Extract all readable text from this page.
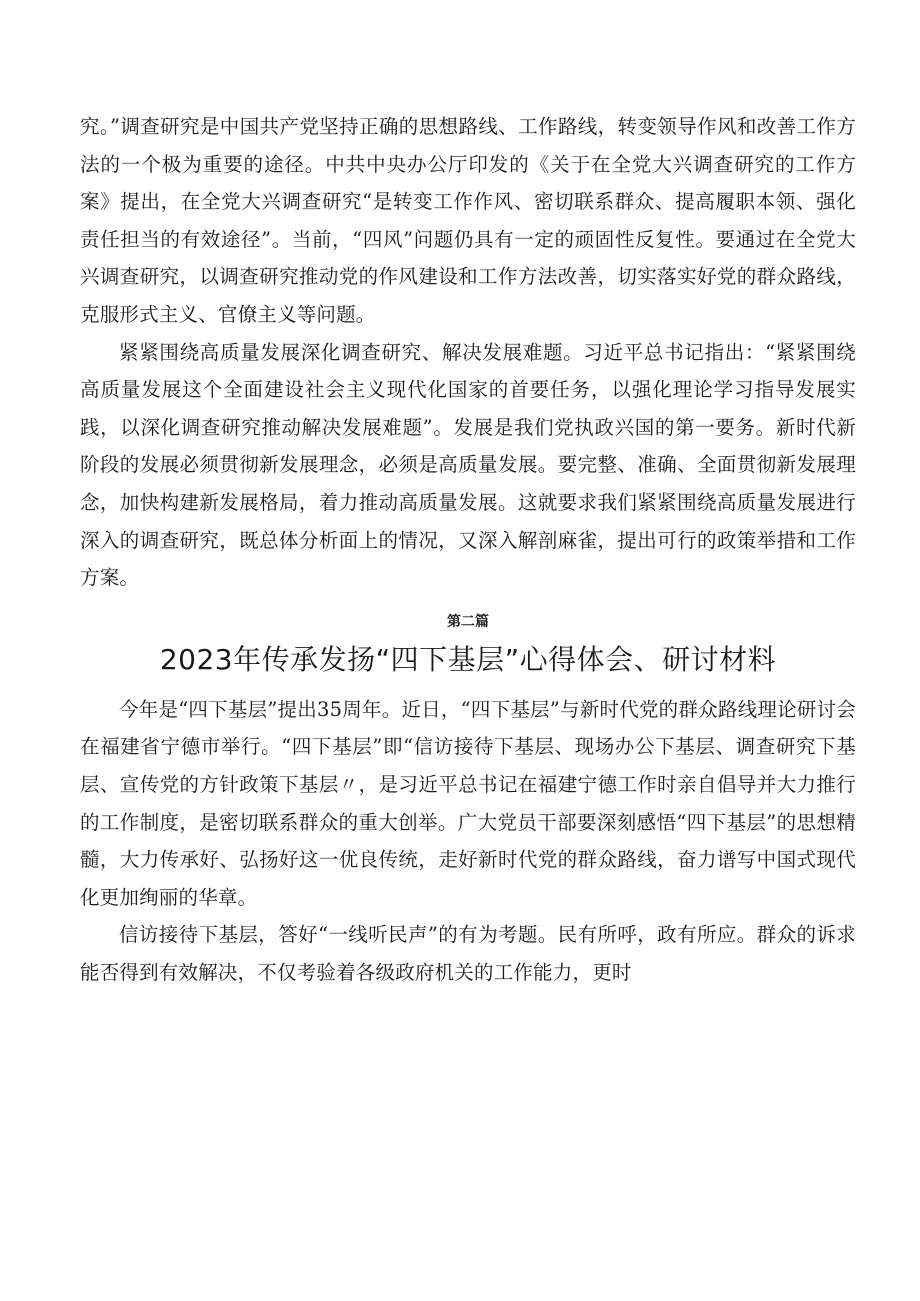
究。”调查研究是中国共产党坚持正确的思想路线、工作路线，转变领导作风和改善工作方法的一个极为重要的途径。中共中央办公厅印发的《关于在全党大兴调查研究的工作方案》提出，在全党大兴调查研究“是转变工作作风、密切联系群众、提高履职本领、强化责任担当的有效途径”。当前，“四风”问题仍具有一定的顽固性反复性。要通过在全党大兴调查研究，以调查研究推动党的作风建设和工作方法改善，切实落实好党的群众路线，克服形式主义、官僚主义等问题。

紧紧围绕高质量发展深化调查研究、解决发展难题。习近平总书记指出：“紧紧围绕高质量发展这个全面建设社会主义现代化国家的首要任务，以强化理论学习指导发展实践，以深化调查研究推动解决发展难题”。发展是我们党执政兴国的第一要务。新时代新阶段的发展必须贯彻新发展理念，必须是高质量发展。要完整、准确、全面贯彻新发展理念，加快构建新发展格局，着力推动高质量发展。这就要求我们紧紧围绕高质量发展进行深入的调查研究，既总体分析面上的情况，又深入解剖麻雀，提出可行的政策举措和工作方案。

第二篇
2023年传承发扬“四下基层”心得体会、研讨材料

今年是“四下基层”提出35周年。近日，“四下基层”与新时代党的群众路线理论研讨会在福建省宁德市举行。“四下基层”即“信访接待下基层、现场办公下基层、调查研究下基层、宣传党的方针政策下基层〃，是习近平总书记在福建宁德工作时亲自倡导并大力推行的工作制度，是密切联系群众的重大创举。广大党员干部要深刻感悟“四下基层”的思想精髓，大力传承好、弘扬好这一优良传统，走好新时代党的群众路线，奋力谱写中国式现代化更加绚丽的华章。

信访接待下基层，答好“一线听民声”的有为考题。民有所呼，政有所应。群众的诉求能否得到有效解决，不仅考验着各级政府机关的工作能力，更时
